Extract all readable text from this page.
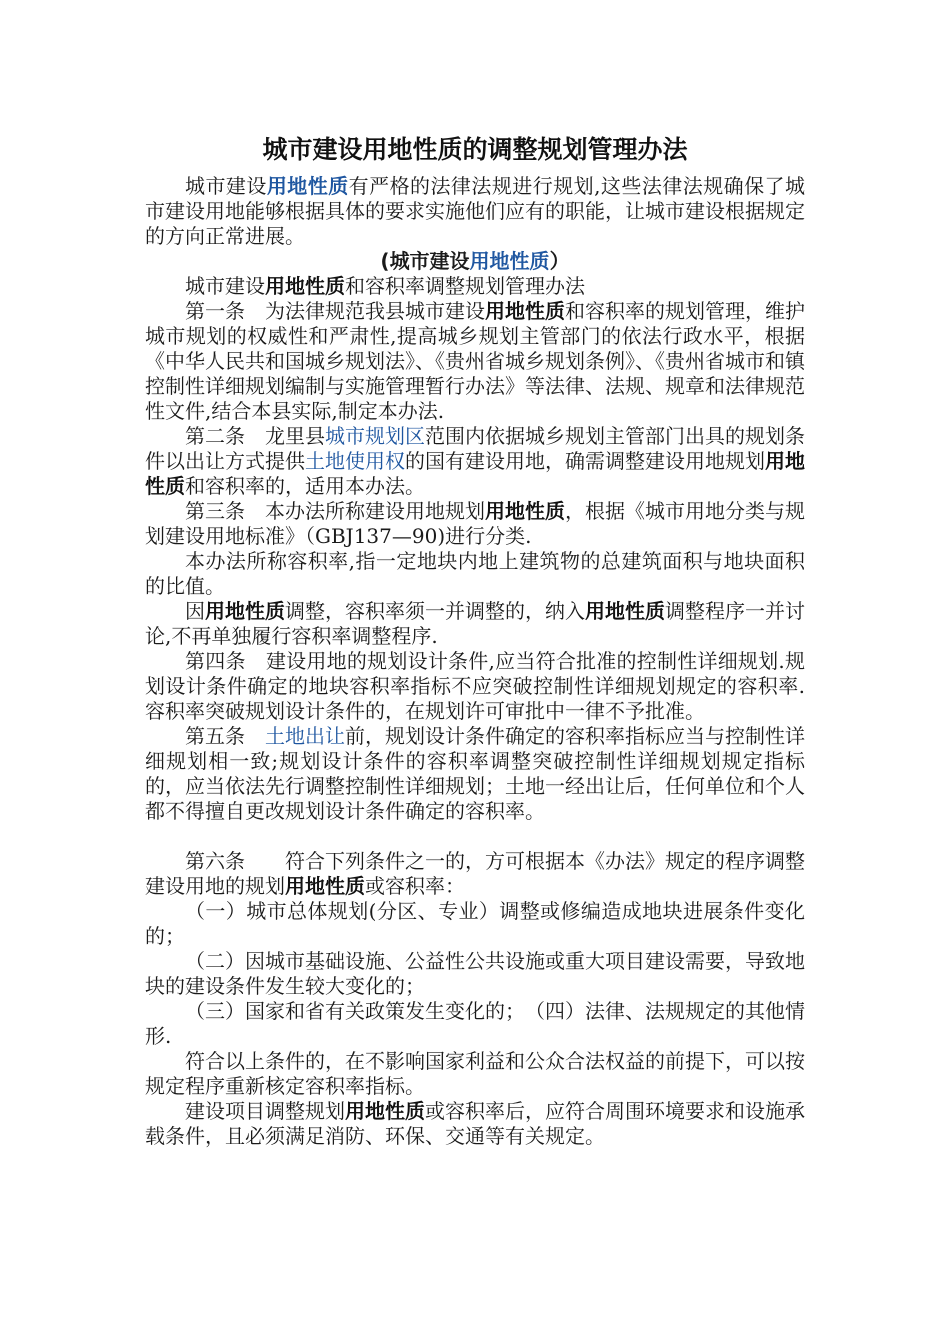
城市建设用地性质的调整规划管理办法

城市建设用地性质有严格的法律法规进行规划,这些法律法规确保了城市建设用地能够根据具体的要求实施他们应有的职能，让城市建设根据规定的方向正常进展。

(城市建设用地性质）

城市建设用地性质和容积率调整规划管理办法

第一条　为法律规范我县城市建设用地性质和容积率的规划管理，维护城市规划的权威性和严肃性,提高城乡规划主管部门的依法行政水平，根据《中华人民共和国城乡规划法》、《贵州省城乡规划条例》、《贵州省城市和镇控制性详细规划编制与实施管理暂行办法》等法律、法规、规章和法律规范性文件,结合本县实际,制定本办法.

第二条　龙里县城市规划区范围内依据城乡规划主管部门出具的规划条件以出让方式提供土地使用权的国有建设用地，确需调整建设用地规划用地性质和容积率的，适用本办法。

第三条　本办法所称建设用地规划用地性质，根据《城市用地分类与规划建设用地标准》（GBJ137—90)进行分类.

本办法所称容积率,指一定地块内地上建筑物的总建筑面积与地块面积的比值。

因用地性质调整，容积率须一并调整的，纳入用地性质调整程序一并讨论,不再单独履行容积率调整程序.

第四条　建设用地的规划设计条件,应当符合批准的控制性详细规划.规划设计条件确定的地块容积率指标不应突破控制性详细规划规定的容积率.容积率突破规划设计条件的，在规划许可审批中一律不予批准。

第五条　土地出让前，规划设计条件确定的容积率指标应当与控制性详细规划相一致;规划设计条件的容积率调整突破控制性详细规划规定指标的，应当依法先行调整控制性详细规划；土地一经出让后，任何单位和个人都不得擅自更改规划设计条件确定的容积率。

第六条　　符合下列条件之一的，方可根据本《办法》规定的程序调整建设用地的规划用地性质或容积率：

（一）城市总体规划(分区、专业）调整或修编造成地块进展条件变化的；

（二）因城市基础设施、公益性公共设施或重大项目建设需要，导致地块的建设条件发生较大变化的；

（三）国家和省有关政策发生变化的；　（四）法律、法规规定的其他情形.

符合以上条件的，在不影响国家利益和公众合法权益的前提下，可以按规定程序重新核定容积率指标。

建设项目调整规划用地性质或容积率后，应符合周围环境要求和设施承载条件，且必须满足消防、环保、交通等有关规定。
